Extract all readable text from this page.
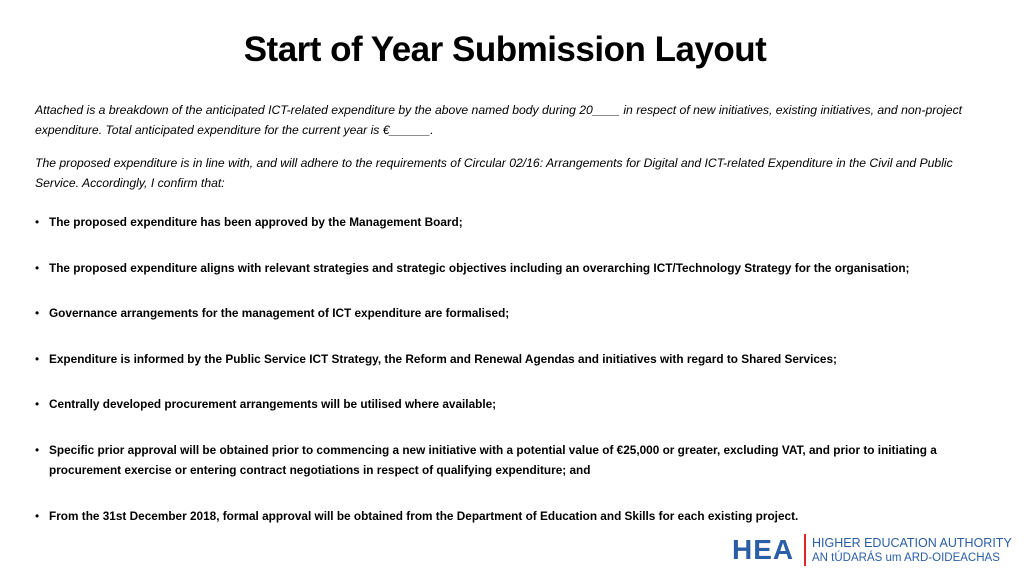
Start of Year Submission Layout

Attached is a breakdown of the anticipated ICT-related expenditure by the above named body during 20____ in respect of new initiatives, existing initiatives, and non-project expenditure. Total anticipated expenditure for the current year is €______.

The proposed expenditure is in line with, and will adhere to the requirements of Circular 02/16: Arrangements for Digital and ICT-related Expenditure in the Civil and Public Service. Accordingly, I confirm that:

• The proposed expenditure has been approved by the Management Board;
• The proposed expenditure aligns with relevant strategies and strategic objectives including an overarching ICT/Technology Strategy for the organisation;
• Governance arrangements for the management of ICT expenditure are formalised;
• Expenditure is informed by the Public Service ICT Strategy, the Reform and Renewal Agendas and initiatives with regard to Shared Services;
• Centrally developed procurement arrangements will be utilised where available;
• Specific prior approval will be obtained prior to commencing a new initiative with a potential value of €25,000 or greater, excluding VAT, and prior to initiating a procurement exercise or entering contract negotiations in respect of qualifying expenditure; and
• From the 31st December 2018, formal approval will be obtained from the Department of Education and Skills for each existing project.
HEA HIGHER EDUCATION AUTHORITY
AN tÚDARÁS um ARD-OIDEACHAS
